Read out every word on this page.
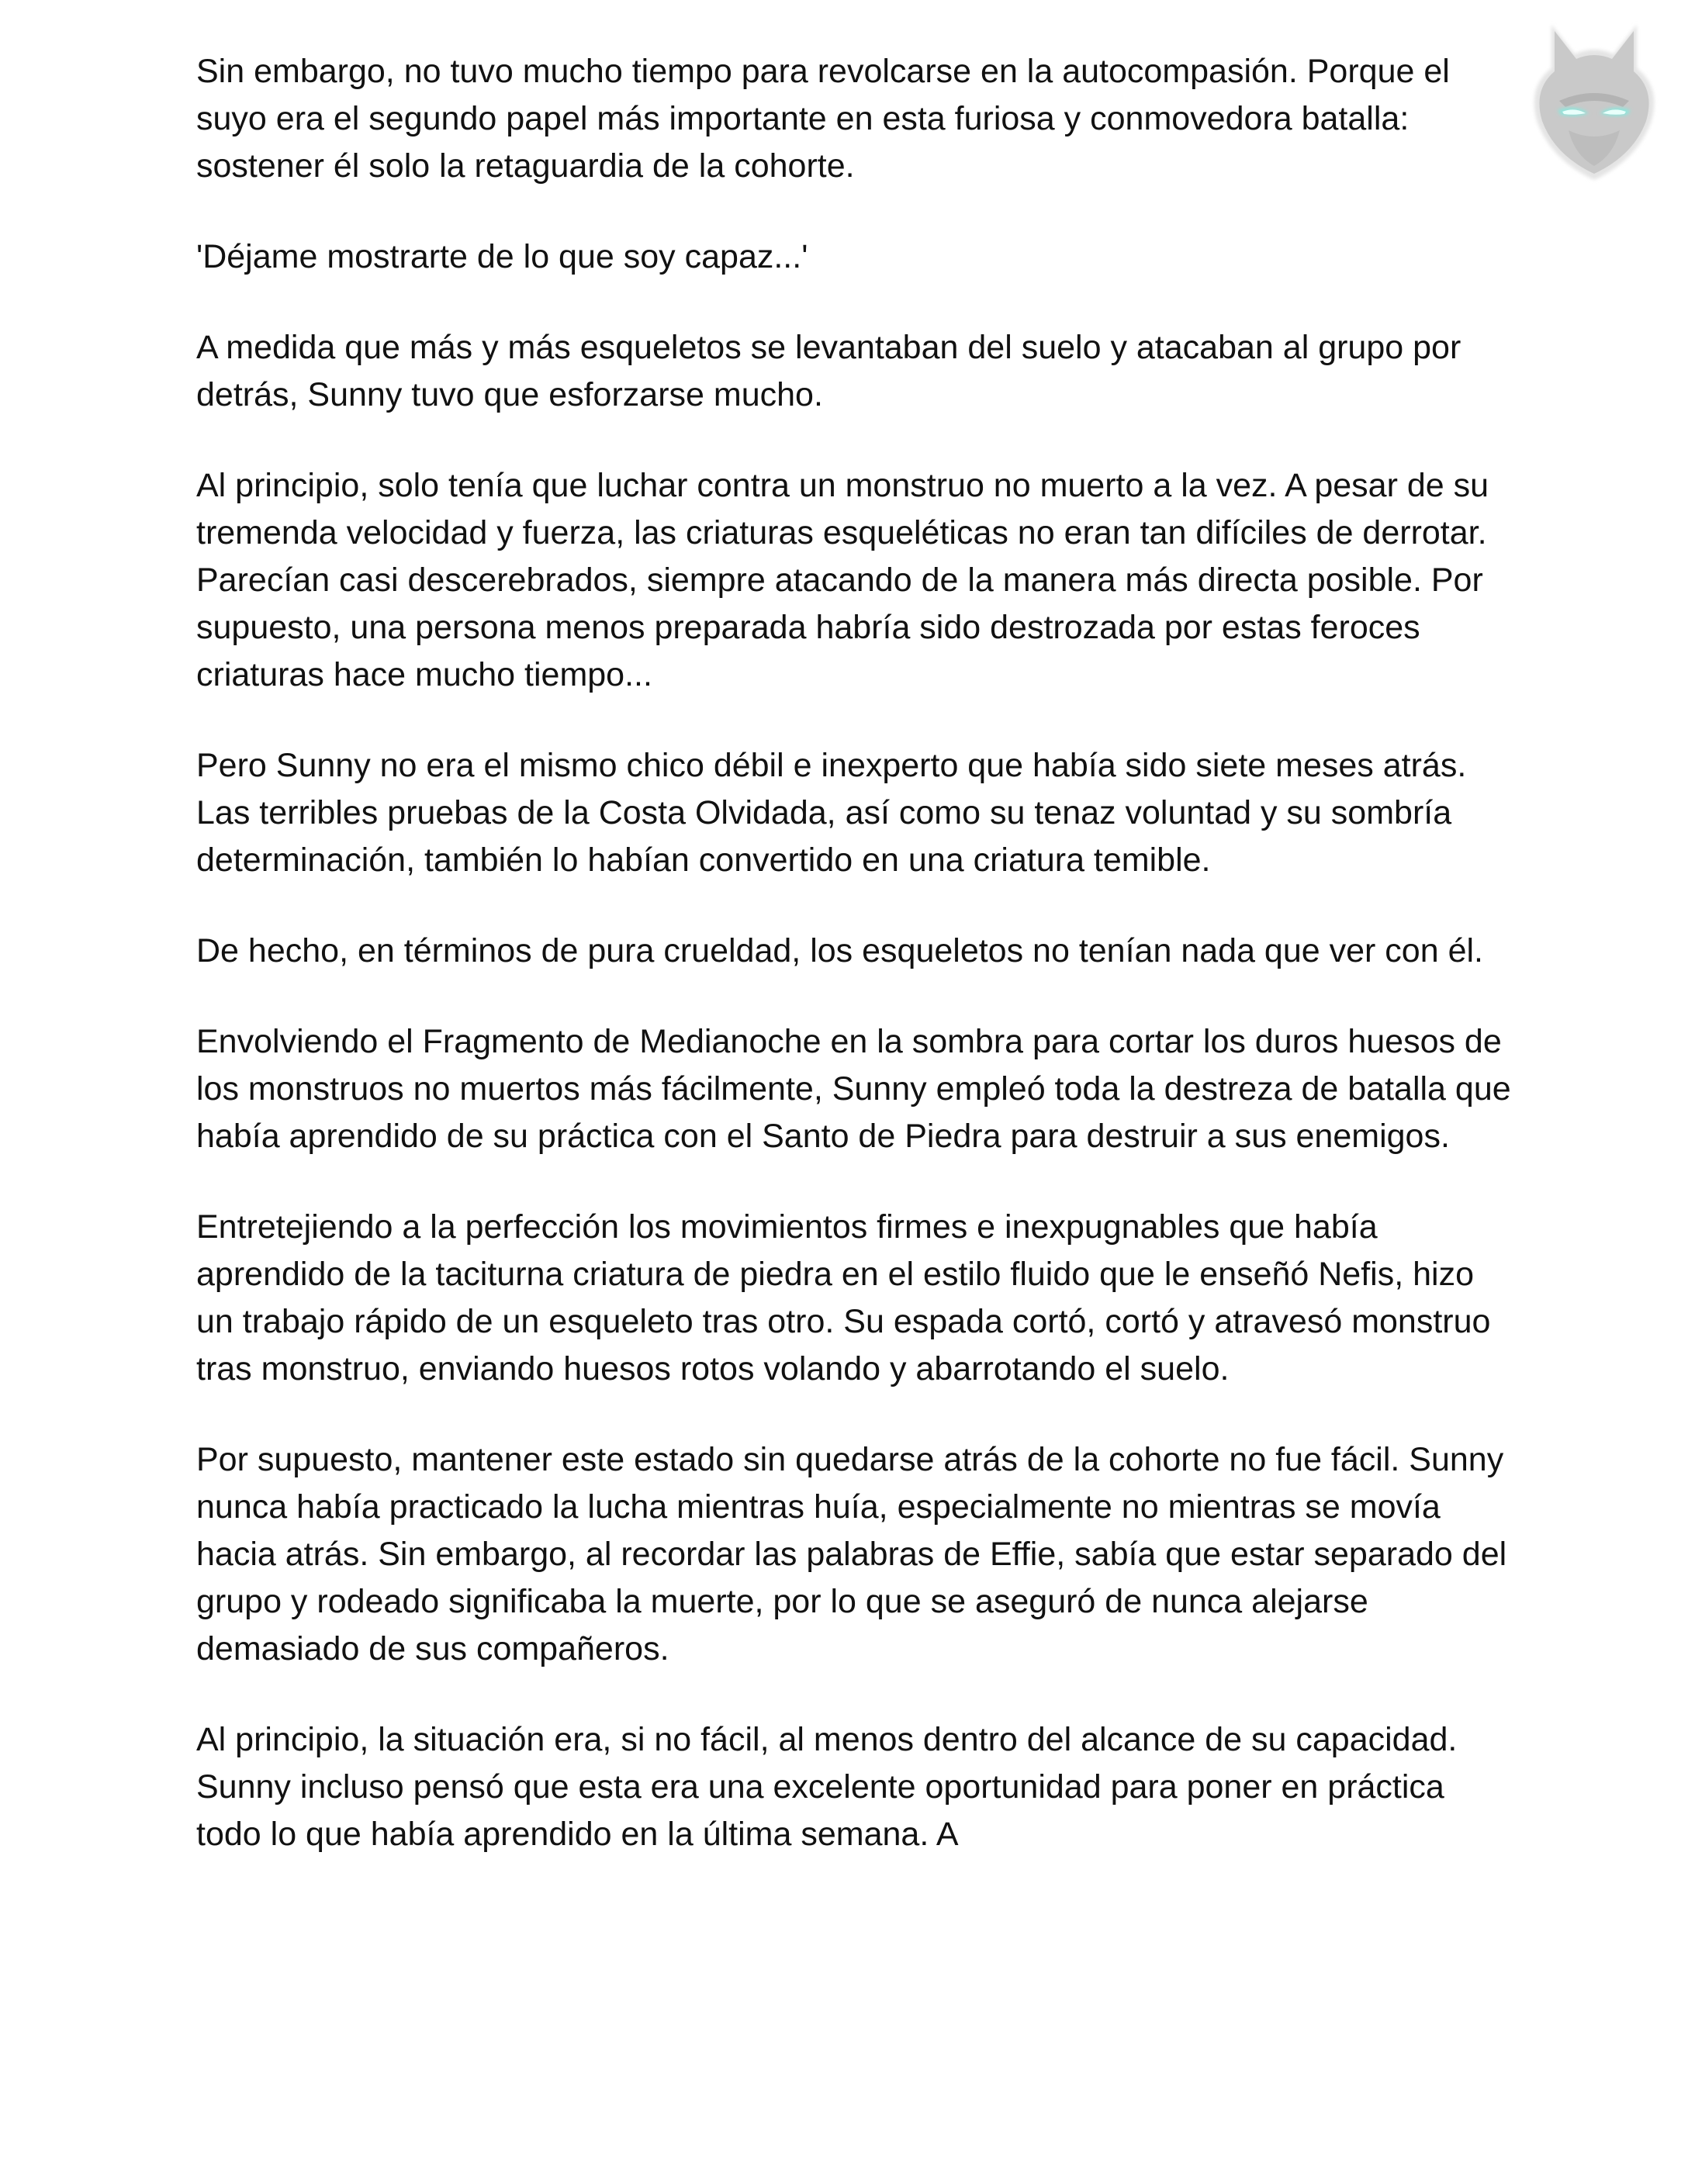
Sin embargo, no tuvo mucho tiempo para revolcarse en la autocompasión. Porque el suyo era el segundo papel más importante en esta furiosa y conmovedora batalla: sostener él solo la retaguardia de la cohorte.

'Déjame mostrarte de lo que soy capaz...'

A medida que más y más esqueletos se levantaban del suelo y atacaban al grupo por detrás, Sunny tuvo que esforzarse mucho.

Al principio, solo tenía que luchar contra un monstruo no muerto a la vez. A pesar de su tremenda velocidad y fuerza, las criaturas esqueléticas no eran tan difíciles de derrotar. Parecían casi descerebrados, siempre atacando de la manera más directa posible. Por supuesto, una persona menos preparada habría sido destrozada por estas feroces criaturas hace mucho tiempo...

Pero Sunny no era el mismo chico débil e inexperto que había sido siete meses atrás. Las terribles pruebas de la Costa Olvidada, así como su tenaz voluntad y su sombría determinación, también lo habían convertido en una criatura temible.

De hecho, en términos de pura crueldad, los esqueletos no tenían nada que ver con él.

Envolviendo el Fragmento de Medianoche en la sombra para cortar los duros huesos de los monstruos no muertos más fácilmente, Sunny empleó toda la destreza de batalla que había aprendido de su práctica con el Santo de Piedra para destruir a sus enemigos.

Entretejiendo a la perfección los movimientos firmes e inexpugnables que había aprendido de la taciturna criatura de piedra en el estilo fluido que le enseñó Nefis, hizo un trabajo rápido de un esqueleto tras otro. Su espada cortó, cortó y atravesó monstruo tras monstruo, enviando huesos rotos volando y abarrotando el suelo.

Por supuesto, mantener este estado sin quedarse atrás de la cohorte no fue fácil. Sunny nunca había practicado la lucha mientras huía, especialmente no mientras se movía hacia atrás. Sin embargo, al recordar las palabras de Effie, sabía que estar separado del grupo y rodeado significaba la muerte, por lo que se aseguró de nunca alejarse demasiado de sus compañeros.

Al principio, la situación era, si no fácil, al menos dentro del alcance de su capacidad. Sunny incluso pensó que esta era una excelente oportunidad para poner en práctica todo lo que había aprendido en la última semana. A
